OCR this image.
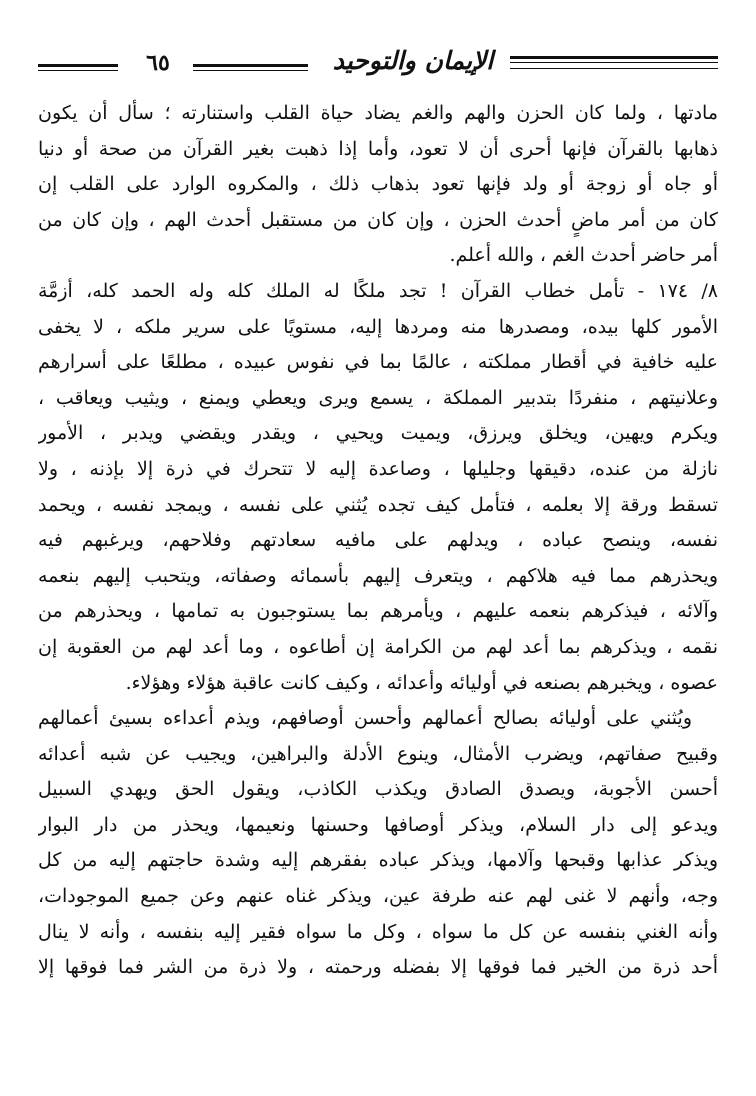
٦٥	الإيمان والتوحيد
مادتها ، ولما كان الحزن والهم والغم يضاد حياة القلب واستنارته ؛ سأل أن يكون
ذهابها بالقرآن فإنها أحرى أن لا تعود، وأما إذا ذهبت بغير القرآن من صحة أو دنيا
أو جاه أو زوجة أو ولد فإنها تعود بذهاب ذلك ، والمكروه الوارد على القلب إن
كان من أمر ماضٍ أحدث الحزن ، وإن كان من مستقبل أحدث الهم ، وإن كان من
أمر حاضر أحدث الغم ، والله أعلم.
٨/ ١٧٤ - تأمل خطاب القرآن ! تجد ملكًا له الملك كله وله الحمد كله، أزمَّة
الأمور كلها بيده، ومصدرها منه ومردها إليه، مستويًا على سرير ملكه ، لا يخفى
عليه خافية في أقطار مملكته ، عالمًا بما في نفوس عبيده ، مطلعًا على أسرارهم
وعلانيتهم ، منفردًا بتدبير المملكة ، يسمع ويرى ويعطي ويمنع ، ويثيب ويعاقب ،
ويكرم ويهين، ويخلق ويرزق، ويميت ويحيي ، ويقدر ويقضي ويدبر ، الأمور
نازلة من عنده، دقيقها وجليلها ، وصاعدة إليه لا تتحرك في ذرة إلا بإذنه ، ولا
تسقط ورقة إلا بعلمه ، فتأمل كيف تجده يُثني على نفسه ، ويمجد نفسه ، ويحمد
نفسه، وينصح عباده ، ويدلهم على مافيه سعادتهم وفلاحهم، ويرغبهم فيه
ويحذرهم مما فيه هلاكهم ، ويتعرف إليهم بأسمائه وصفاته، ويتحبب إليهم بنعمه
وآلائه ، فيذكرهم بنعمه عليهم ، ويأمرهم بما يستوجبون به تمامها ، ويحذرهم من
نقمه ، ويذكرهم بما أعد لهم من الكرامة إن أطاعوه ، وما أعد لهم من العقوبة إن
عصوه ، ويخبرهم بصنعه في أوليائه وأعدائه ، وكيف كانت عاقبة هؤلاء وهؤلاء.
ويُثني على أوليائه بصالح أعمالهم وأحسن أوصافهم، ويذم أعداءه بسيئ أعمالهم
وقبيح صفاتهم، ويضرب الأمثال، وينوع الأدلة والبراهين، ويجيب عن شبه أعدائه
أحسن الأجوبة، ويصدق الصادق ويكذب الكاذب، ويقول الحق ويهدي السبيل
ويدعو إلى دار السلام، ويذكر أوصافها وحسنها ونعيمها، ويحذر من دار البوار
ويذكر عذابها وقبحها وآلامها، ويذكر عباده بفقرهم إليه وشدة حاجتهم إليه من كل
وجه، وأنهم لا غنى لهم عنه طرفة عين، ويذكر غناه عنهم وعن جميع الموجودات،
وأنه الغني بنفسه عن كل ما سواه ، وكل ما سواه فقير إليه بنفسه ، وأنه لا ينال
أحد ذرة من الخير فما فوقها إلا بفضله ورحمته ، ولا ذرة من الشر فما فوقها إلا
